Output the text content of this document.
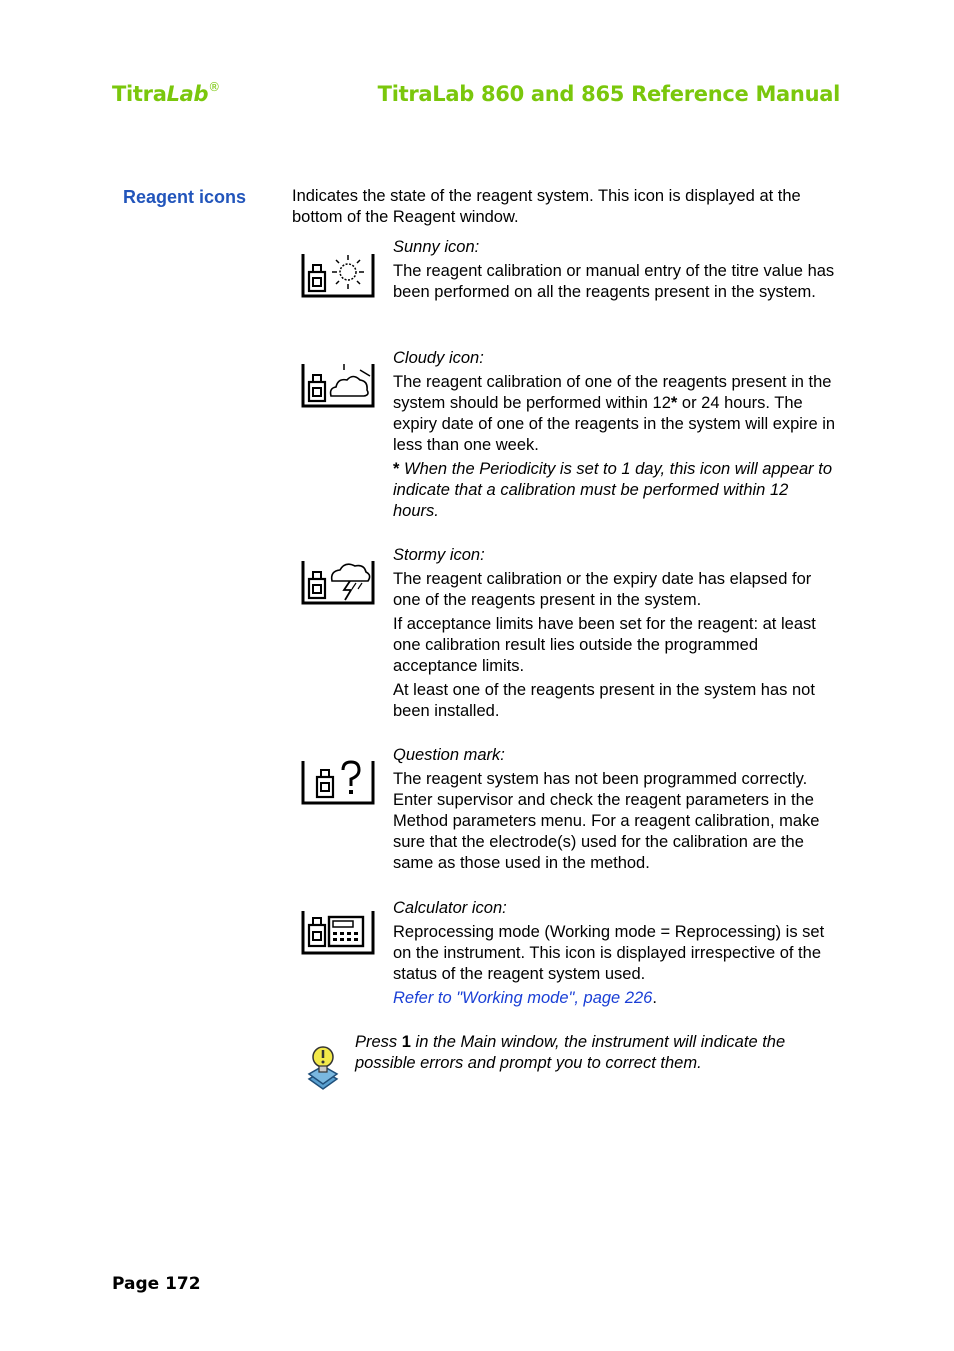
TitraLab®	TitraLab 860 and 865 Reference Manual
Reagent icons	Indicates the state of the reagent system. This icon is displayed at the bottom of the Reagent window.
Sunny icon:
The reagent calibration or manual entry of the titre value has been performed on all the reagents present in the system.
Cloudy icon:
The reagent calibration of one of the reagents present in the system should be performed within 12* or 24 hours. The expiry date of one of the reagents in the system will expire in less than one week.
* When the Periodicity is set to 1 day, this icon will appear to indicate that a calibration must be performed within 12 hours.
Stormy icon:
The reagent calibration or the expiry date has elapsed for one of the reagents present in the system.
If acceptance limits have been set for the reagent: at least one calibration result lies outside the programmed acceptance limits.
At least one of the reagents present in the system has not been installed.
Question mark:
The reagent system has not been programmed correctly. Enter supervisor and check the reagent parameters in the Method parameters menu. For a reagent calibration, make sure that the electrode(s) used for the calibration are the same as those used in the method.
Calculator icon:
Reprocessing mode (Working mode = Reprocessing) is set on the instrument. This icon is displayed irrespective of the status of the reagent system used.
Refer to "Working mode", page 226.
Press 1 in the Main window, the instrument will indicate the possible errors and prompt you to correct them.
Page 172
